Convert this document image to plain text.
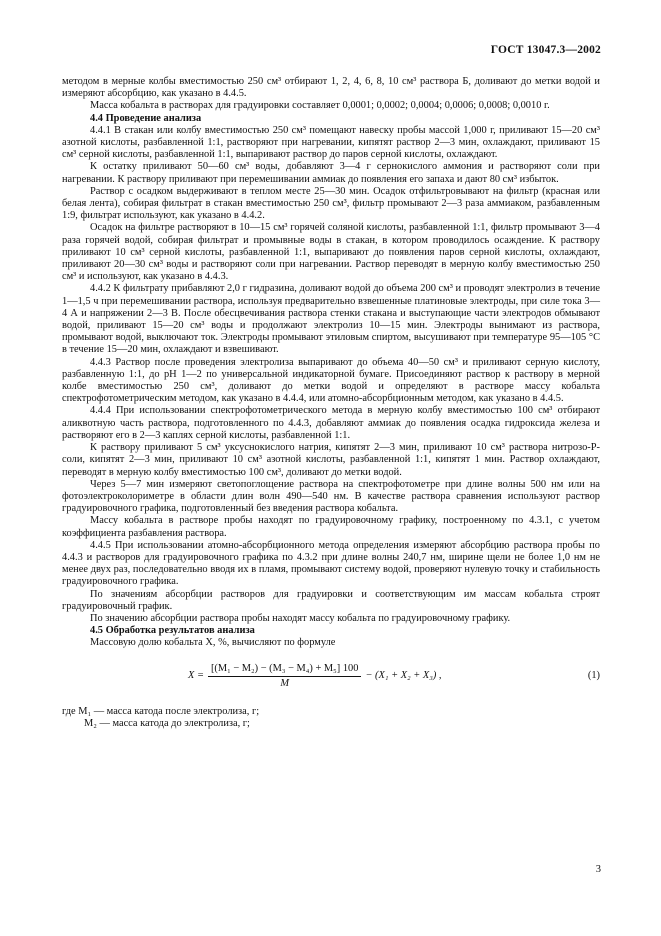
ГОСТ 13047.3—2002

методом в мерные колбы вместимостью 250 см³ отбирают 1, 2, 4, 6, 8, 10 см³ раствора Б, доливают до метки водой и измеряют абсорбцию, как указано в 4.4.5.

Масса кобальта в растворах для градуировки составляет 0,0001; 0,0002; 0,0004; 0,0006; 0,0008; 0,0010 г.

4.4 Проведение анализа

4.4.1 В стакан или колбу вместимостью 250 см³ помещают навеску пробы массой 1,000 г, приливают 15—20 см³ азотной кислоты, разбавленной 1:1, растворяют при нагревании, кипятят раствор 2—3 мин, охлаждают, приливают 15 см³ серной кислоты, разбавленной 1:1, выпаривают раствор до паров серной кислоты, охлаждают.

К остатку приливают 50—60 см³ воды, добавляют 3—4 г сернокислого аммония и растворяют соли при нагревании. К раствору приливают при перемешивании аммиак до появления его запаха и дают 80 см³ избыток.

Раствор с осадком выдерживают в теплом месте 25—30 мин. Осадок отфильтровывают на фильтр (красная или белая лента), собирая фильтрат в стакан вместимостью 250 см³, фильтр промывают 2—3 раза аммиаком, разбавленным 1:9, фильтрат используют, как указано в 4.4.2.

Осадок на фильтре растворяют в 10—15 см³ горячей соляной кислоты, разбавленной 1:1, фильтр промывают 3—4 раза горячей водой, собирая фильтрат и промывные воды в стакан, в котором проводилось осаждение. К раствору приливают 10 см³ серной кислоты, разбавленной 1:1, выпаривают до появления паров серной кислоты, охлаждают, приливают 20—30 см³ воды и растворяют соли при нагревании. Раствор переводят в мерную колбу вместимостью 250 см³ и используют, как указано в 4.4.3.

4.4.2 К фильтрату прибавляют 2,0 г гидразина, доливают водой до объема 200 см³ и проводят электролиз в течение 1—1,5 ч при перемешивании раствора, используя предварительно взвешенные платиновые электроды, при силе тока 3—4 А и напряжении 2—3 В. После обесцвечивания раствора стенки стакана и выступающие части электродов обмывают водой, приливают 15—20 см³ воды и продолжают электролиз 10—15 мин. Электроды вынимают из раствора, промывают водой, выключают ток. Электроды промывают этиловым спиртом, высушивают при температуре 95—105 °С в течение 15—20 мин, охлаждают и взвешивают.

4.4.3 Раствор после проведения электролиза выпаривают до объема 40—50 см³ и приливают серную кислоту, разбавленную 1:1, до pH 1—2 по универсальной индикаторной бумаге. Присоединяют раствор к раствору в мерной колбе вместимостью 250 см³, доливают до метки водой и определяют в растворе массу кобальта спектрофотометрическим методом, как указано в 4.4.4, или атомно-абсорбционным методом, как указано в 4.4.5.

4.4.4 При использовании спектрофотометрического метода в мерную колбу вместимостью 100 см³ отбирают аликвотную часть раствора, подготовленного по 4.4.3, добавляют аммиак до появления осадка гидроксида железа и растворяют его в 2—3 каплях серной кислоты, разбавленной 1:1.

К раствору приливают 5 см³ уксуснокислого натрия, кипятят 2—3 мин, приливают 10 см³ раствора нитрозо-Р-соли, кипятят 2—3 мин, приливают 10 см³ азотной кислоты, разбавленной 1:1, кипятят 1 мин. Раствор охлаждают, переводят в мерную колбу вместимостью 100 см³, доливают до метки водой.

Через 5—7 мин измеряют светопоглощение раствора на спектрофотометре при длине волны 500 нм или на фотоэлектроколориметре в области длин волн 490—540 нм. В качестве раствора сравнения используют раствор градуировочного графика, подготовленный без введения раствора кобальта.

Массу кобальта в растворе пробы находят по градуировочному графику, построенному по 4.3.1, с учетом коэффициента разбавления раствора.

4.4.5 При использовании атомно-абсорбционного метода определения измеряют абсорбцию раствора пробы по 4.4.3 и растворов для градуировочного графика по 4.3.2 при длине волны 240,7 нм, ширине щели не более 1,0 нм не менее двух раз, последовательно вводя их в пламя, промывают систему водой, проверяют нулевую точку и стабильность градуировочного графика.

По значениям абсорбции растворов для градуировки и соответствующим им массам кобальта строят градуировочный график.

По значению абсорбции раствора пробы находят массу кобальта по градуировочному графику.

4.5 Обработка результатов анализа

Массовую долю кобальта X, %, вычисляют по формуле

$X = \frac{\text{[(M₁ − M₂) − (M₃ − M₄) + M₅] 100}}{M} - (X_1 + X_2 + X_3)$ ,	(1)

где M₁ — масса катода после электролиза, г;

M₂ — масса катода до электролиза, г;

3
